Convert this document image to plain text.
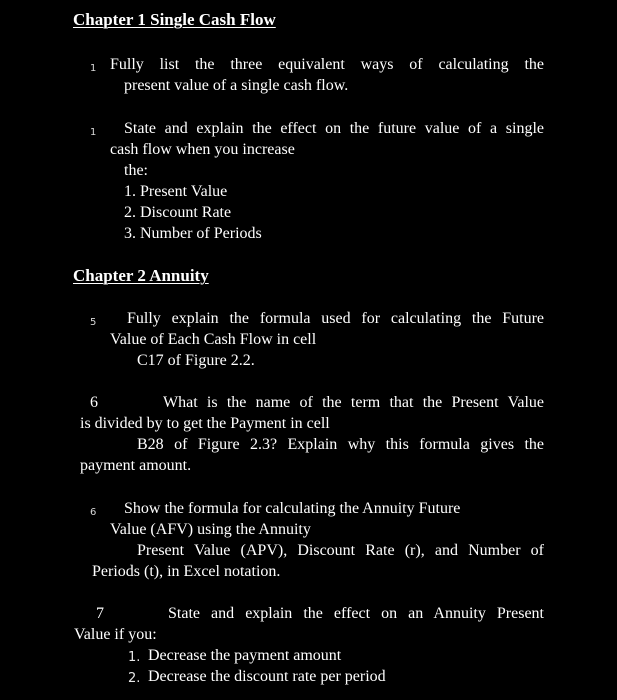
Chapter 1 Single Cash Flow
1 Fully list the three equivalent ways of calculating the
present value of a single cash flow.
1 State and explain the effect on the future value of a single
cash flow when you increase
the:
1. Present Value
2. Discount Rate
3. Number of Periods
Chapter 2 Annuity
5 Fully explain the formula used for calculating the Future
Value of Each Cash Flow in cell
C17 of Figure 2.2.
6	What is the name of the term that the Present Value
is divided by to get the Payment in cell
B28 of Figure 2.3? Explain why this formula gives the
payment amount.
6 Show the formula for calculating the Annuity Future
Value (AFV) using the Annuity
Present Value (APV), Discount Rate (r), and Number of
Periods (t), in Excel notation.
7	State and explain the effect on an Annuity Present
Value if you:
1. Decrease the payment amount
2. Decrease the discount rate per period
